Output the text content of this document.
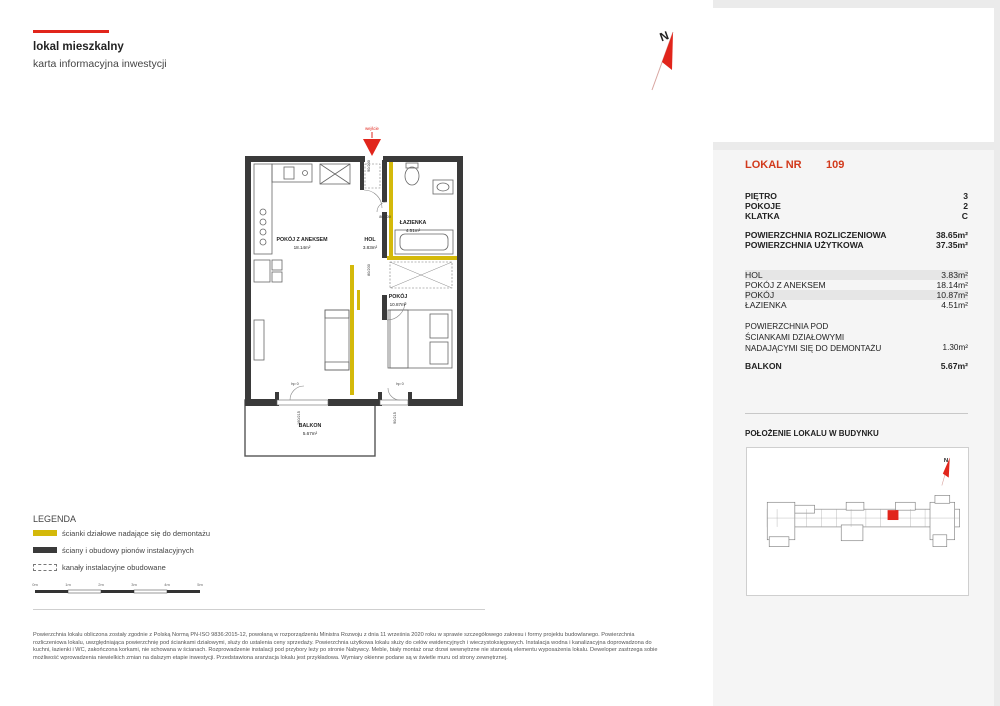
lokal mieszkalny
karta informacyjna inwestycji
N
wejście
POKÓJ Z ANEKSEM
18.14m²
HOL
3.83m²
ŁAZIENKA
4.51m²
POKÓJ
10.87m²
BALKON
5.67m²
90/200
80/200
80/200
160/215	90/215
hp 0	hp 0
LEGENDA
ścianki działowe nadające się do demontażu
ściany i obudowy pionów instalacyjnych
kanały instalacyjne obudowane
0m	1m	2m	3m	4m	5m
Powierzchnia lokalu obliczona zostały zgodnie z Polską Normą PN-ISO 9836:2015-12, powołaną w rozporządzeniu Ministra Rozwoju z dnia 11 września 2020 roku w sprawie szczegółowego zakresu i formy projektu budowlanego. Powierzchnia rozliczeniowa lokalu, uwzględniająca powierzchnię pod ściankami działowymi, służy do ustalenia ceny sprzedaży. Powierzchnia użytkowa lokalu służy do celów ewidencyjnych i wieczystoksięgowych. Instalacja wodna i kanalizacyjna doprowadzona do kuchni, łazienki i WC, zakończona korkami, nie schowana w ścianach. Rozprowadzenie instalacji pod przybory leży po stronie Nabywcy. Meble, biały montaż oraz drzwi wewnętrzne nie stanowią elementu wyposażenia lokalu. Deweloper zastrzega sobie możliwość wprowadzenia niewielkich zmian na dalszym etapie inwestycji. Przedstawiona aranżacja lokalu jest przykładowa. Wymiary okienne podane są w świetle muru od strony zewnętrznej.
LOKAL NR 109
PIĘTRO	3
POKOJE	2
KLATKA	C
POWIERZCHNIA ROZLICZENIOWA	38.65m²
POWIERZCHNIA UŻYTKOWA	37.35m²
HOL	3.83m²
POKÓJ Z ANEKSEM	18.14m²
POKÓJ	10.87m²
ŁAZIENKA	4.51m²
POWIERZCHNIA POD
ŚCIANKAMI DZIAŁOWYMI
NADAJĄCYMI SIĘ DO DEMONTAŻU	1.30m²
BALKON	5.67m²
POŁOŻENIE LOKALU W BUDYNKU
N
